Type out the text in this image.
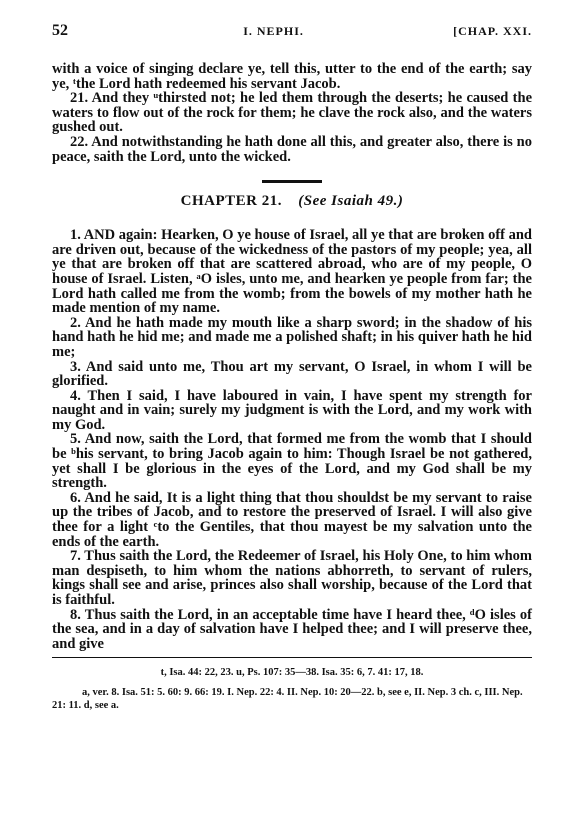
52	I. NEPHI.	[CHAP. XXI.

with a voice of singing declare ye, tell this, utter to the end of the earth; say ye, ᵗthe Lord hath redeemed his servant Jacob.

21. And they ᵘthirsted not; he led them through the deserts; he caused the waters to flow out of the rock for them; he clave the rock also, and the waters gushed out.

22. And notwithstanding he hath done all this, and greater also, there is no peace, saith the Lord, unto the wicked.

CHAPTER 21. (See Isaiah 49.)

1. AND again: Hearken, O ye house of Israel, all ye that are broken off and are driven out, because of the wickedness of the pastors of my people; yea, all ye that are broken off that are scattered abroad, who are of my people, O house of Israel. Listen, ᵃO isles, unto me, and hearken ye people from far; the Lord hath called me from the womb; from the bowels of my mother hath he made mention of my name.

2. And he hath made my mouth like a sharp sword; in the shadow of his hand hath he hid me; and made me a polished shaft; in his quiver hath he hid me;

3. And said unto me, Thou art my servant, O Israel, in whom I will be glorified.

4. Then I said, I have laboured in vain, I have spent my strength for naught and in vain; surely my judgment is with the Lord, and my work with my God.

5. And now, saith the Lord, that formed me from the womb that I should be ᵇhis servant, to bring Jacob again to him: Though Israel be not gathered, yet shall I be glorious in the eyes of the Lord, and my God shall be my strength.

6. And he said, It is a light thing that thou shouldst be my servant to raise up the tribes of Jacob, and to restore the preserved of Israel. I will also give thee for a light ᶜto the Gentiles, that thou mayest be my salvation unto the ends of the earth.

7. Thus saith the Lord, the Redeemer of Israel, his Holy One, to him whom man despiseth, to him whom the nations abhorreth, to servant of rulers, kings shall see and arise, princes also shall worship, because of the Lord that is faithful.

8. Thus saith the Lord, in an acceptable time have I heard thee, ᵈO isles of the sea, and in a day of salvation have I helped thee; and I will preserve thee, and give

t, Isa. 44: 22, 23. u, Ps. 107: 35—38. Isa. 35: 6, 7. 41: 17, 18.

a, ver. 8. Isa. 51: 5. 60: 9. 66: 19. I. Nep. 22: 4. II. Nep. 10: 20—22. b, see e, II. Nep. 3 ch. c, III. Nep. 21: 11. d, see a.
